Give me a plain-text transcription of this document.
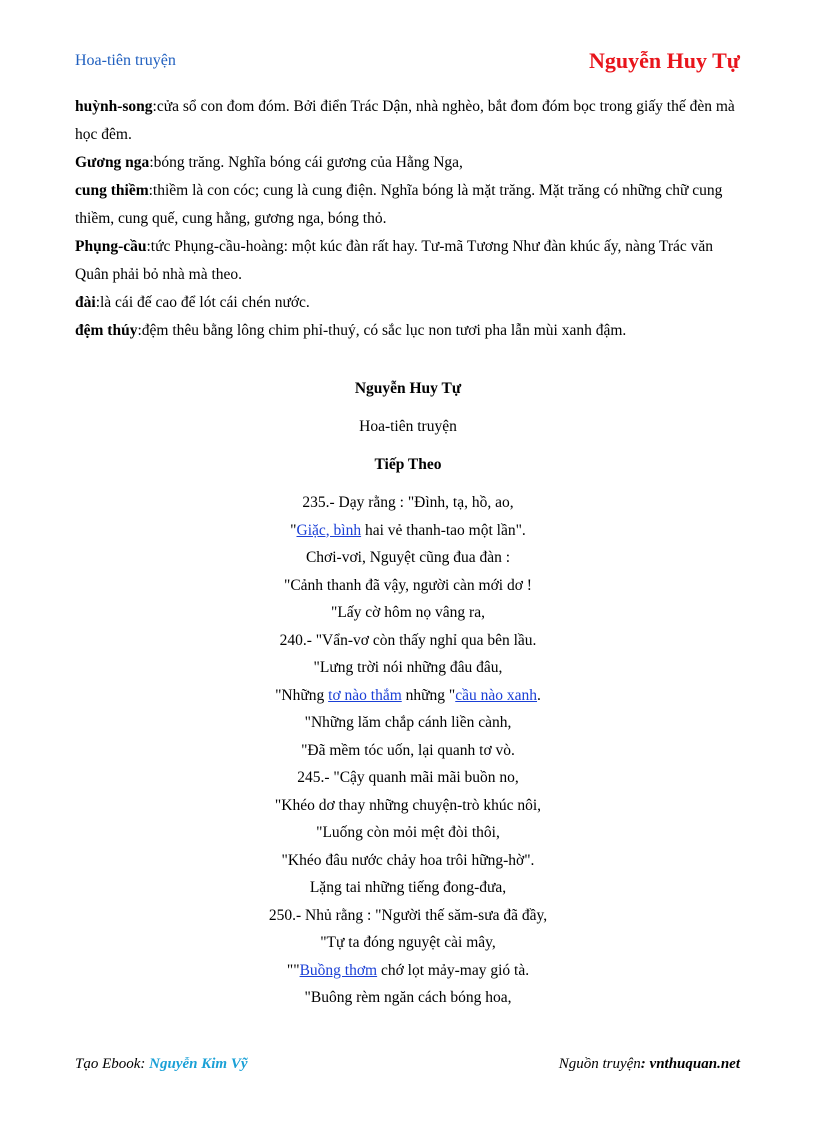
Hoa-tiên truyện	Nguyễn Huy Tự

huỳnh-song:cửa sổ con đom đóm. Bởi điển Trác Dận, nhà nghèo, bắt đom đóm bọc trong giấy thế đèn mà học đêm.

Gương nga:bóng trăng. Nghĩa bóng cái gương của Hằng Nga,

cung thiềm:thiềm là con cóc; cung là cung điện. Nghĩa bóng là mặt trăng. Mặt trăng có những chữ cung thiềm, cung quế, cung hằng, gương nga, bóng thỏ.

Phụng-cầu:tức Phụng-cầu-hoàng: một kúc đàn rất hay. Tư-mã Tương Như đàn khúc ấy, nàng Trác văn Quân phải bỏ nhà mà theo.

đài:là cái đế cao để lót cái chén nước.

đệm thúy:đệm thêu bằng lông chim phỉ-thuý, có sắc lục non tươi pha lẫn mùi xanh đậm.

Nguyễn Huy Tự
Hoa-tiên truyện
Tiếp Theo
235.- Dạy rằng : "Đình, tạ, hồ, ao,
"Giặc, bình hai vẻ thanh-tao một lần".
Chơi-vơi, Nguyệt cũng đua đàn :
"Cảnh thanh đã vậy, người càn mới dơ !
"Lấy cờ hôm nọ vâng ra,
240.- "Vẩn-vơ còn thấy nghỉ qua bên lầu.
"Lưng trời nói những đâu đâu,
"Những tơ nào thắm những "cầu nào xanh.
"Những lăm chắp cánh liền cành,
"Đã mềm tóc uốn, lại quanh tơ vò.
245.- "Cậy quanh mãi mãi buồn no,
"Khéo dơ thay những chuyện-trò khúc nôi,
"Luống còn mỏi mệt đòi thôi,
"Khéo đâu nước chảy hoa trôi hững-hờ".
Lặng tai những tiếng đong-đưa,
250.- Nhủ rằng : "Người thế săm-sưa đã đầy,
"Tự ta đóng nguyệt cài mây,
""Buồng thơm chớ lọt mảy-may gió tà.
"Buông rèm ngăn cách bóng hoa,
Tạo Ebook: Nguyễn Kim Vỹ	Nguồn truyện: vnthuquan.net
